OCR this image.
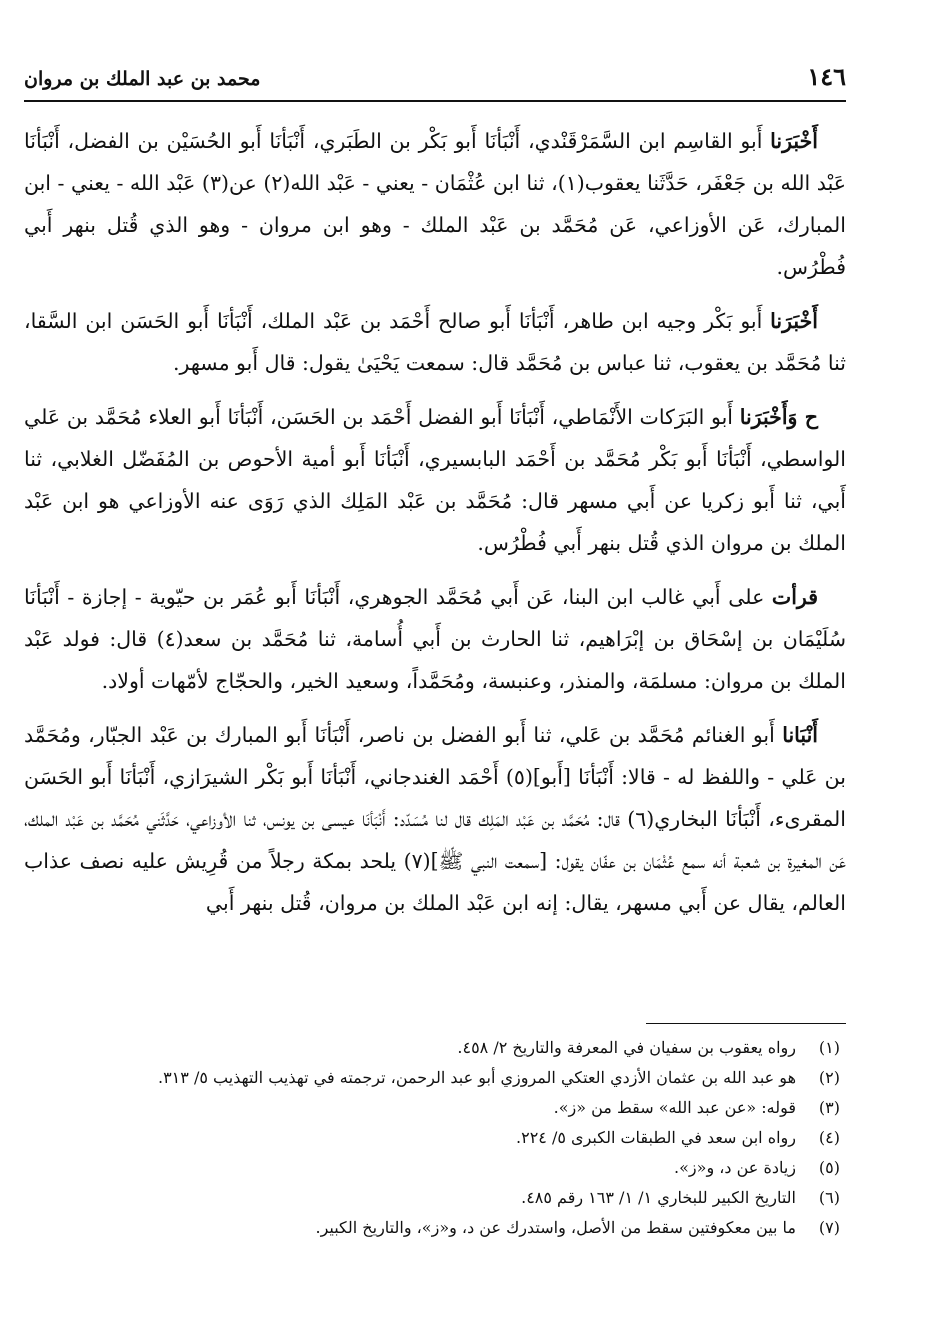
١٤٦
محمد بن عبد الملك بن مروان

أَخْبَرَنا أَبو القاسِم ابن السَّمَرْقَنْدي، أَنْبَأنَا أَبو بَكْر بن الطَبَري، أَنْبَأنَا أَبو الحُسَيْن بن الفضل، أَنْبَأنَا عَبْد الله بن جَعْفَر، حَدَّثَنا يعقوب(١)، ثنا ابن عُثْمَان - يعني - عَبْد الله(٢) عن(٣) عَبْد الله - يعني - ابن المبارك، عَن الأوزاعي، عَن مُحَمَّد بن عَبْد الملك - وهو ابن مروان - وهو الذي قُتل بنهر أَبي فُطْرُس.

أَخْبَرَنا أَبو بَكْر وجيه ابن طاهر، أَنْبَأنَا أَبو صالح أَحْمَد بن عَبْد الملك، أَنْبَأنَا أَبو الحَسَن ابن السَّقا، ثنا مُحَمَّد بن يعقوب، ثنا عباس بن مُحَمَّد قال: سمعت يَحْيَىٰ يقول: قال أَبو مسهر.

ح وَأَخْبَرَنا أَبو البَرَكات الأَنْمَاطي، أَنْبَأنَا أَبو الفضل أَحْمَد بن الحَسَن، أَنْبَأنَا أَبو العلاء مُحَمَّد بن عَلي الواسطي، أَنْبَأنَا أَبو بَكْر مُحَمَّد بن أَحْمَد البابسيري، أَنْبَأنَا أَبو أمية الأحوص بن المُفَضّل الغلابي، ثنا أَبي، ثنا أَبو زكريا عن أَبي مسهر قال: مُحَمَّد بن عَبْد المَلِك الذي رَوَى عنه الأوزاعي هو ابن عَبْد الملك بن مروان الذي قُتل بنهر أَبي فُطْرُس.

قرأت على أَبي غالب ابن البنا، عَن أَبي مُحَمَّد الجوهري، أَنْبَأنَا أَبو عُمَر بن حيّوية - إجازة - أَنْبَأنَا سُلَيْمَان بن إسْحَاق بن إبْرَاهيم، ثنا الحارث بن أَبي أُسامة، ثنا مُحَمَّد بن سعد(٤) قال: فولد عَبْد الملك بن مروان: مسلمَة، والمنذر، وعنبسة، ومُحَمَّداً، وسعيد الخير، والحجّاج لأمّهات أولاد.

أَنْبَانا أَبو الغنائم مُحَمَّد بن عَلي، ثنا أَبو الفضل بن ناصر، أَنْبَأنَا أَبو المبارك بن عَبْد الجبّار، ومُحَمَّد بن عَلي - واللفظ له - قالا: أَنْبَأنَا [أَبو](٥) أَحْمَد الغندجاني، أَنْبَأنَا أَبو بَكْر الشيرَازي، أَنْبَأنَا أَبو الحَسَن المقرىء، أَنْبَأنَا البخاري(٦) قال: مُحَمَّد بن عَبْد المَلِك قال لنا مُسَدّد: أَنْبَأنَا عيسى بن يونس، ثنا الأوزاعي، حَدَّثَني مُحَمَّد بن عَبْد الملك، عَن المغيرة بن شعبة أنه سمع عُثْمَان بن عفّان يقول: [سمعت النبي ﷺ](٧) يلحد بمكة رجلاً من قُرِيش عليه نصف عذاب العالم، يقال عن أَبي مسهر، يقال: إنه ابن عَبْد الملك بن مروان، قُتل بنهر أَبي

(١)رواه يعقوب بن سفيان في المعرفة والتاريخ ٢/ ٤٥٨.
(٢)هو عبد الله بن عثمان الأزدي العتكي المروزي أبو عبد الرحمن، ترجمته في تهذيب التهذيب ٥/ ٣١٣.
(٣)قوله: «عن عبد الله» سقط من «ز».
(٤)رواه ابن سعد في الطبقات الكبرى ٥/ ٢٢٤.
(٥)زيادة عن د، و«ز».
(٦)التاريخ الكبير للبخاري ١/ ١/ ١٦٣ رقم ٤٨٥.
(٧)ما بين معكوفتين سقط من الأصل، واستدرك عن د، و«ز»، والتاريخ الكبير.
